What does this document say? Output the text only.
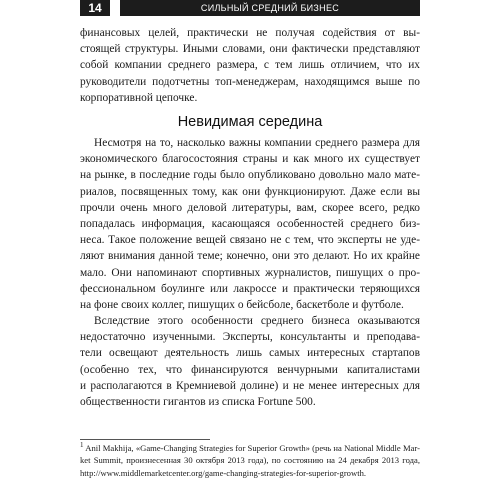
14	СИЛЬНЫЙ СРЕДНИЙ БИЗНЕС
финансовых целей, практически не получая содействия от вы-
стоящей структуры. Иными словами, они фактически представляют
собой компании среднего размера, с тем лишь отличием, что их
руководители подотчетны топ-менеджерам, находящимся выше по
корпоративной цепочке.
Невидимая середина
Несмотря на то, насколько важны компании среднего размера для
экономического благосостояния страны и как много их существует
на рынке, в последние годы было опубликовано довольно мало мате-
риалов, посвященных тому, как они функционируют. Даже если вы
прочли очень много деловой литературы, вам, скорее всего, редко
попадалась информация, касающаяся особенностей среднего биз-
неса. Такое положение вещей связано не с тем, что эксперты не уде-
ляют внимания данной теме; конечно, они это делают. Но их крайне
мало. Они напоминают спортивных журналистов, пишущих о про-
фессиональном боулинге или лакроссе и практически теряющихся
на фоне своих коллег, пишущих о бейсболе, баскетболе и футболе.
Вследствие этого особенности среднего бизнеса оказываются
недостаточно изученными. Эксперты, консультанты и преподава-
тели освещают деятельность лишь самых интересных стартапов
(особенно тех, что финансируются венчурными капиталистами
и располагаются в Кремниевой долине) и не менее интересных для
общественности гигантов из списка Fortune 500.
$^1$ Anil Makhija, «Game-Changing Strategies for Superior Growth» (речь на National Middle Mar-
ket Summit, произнесенная 30 октября 2013 года), по состоянию на 24 декабря 2013 года,
http://www.middlemarketcenter.org/game-changing-strategies-for-superior-growth.
